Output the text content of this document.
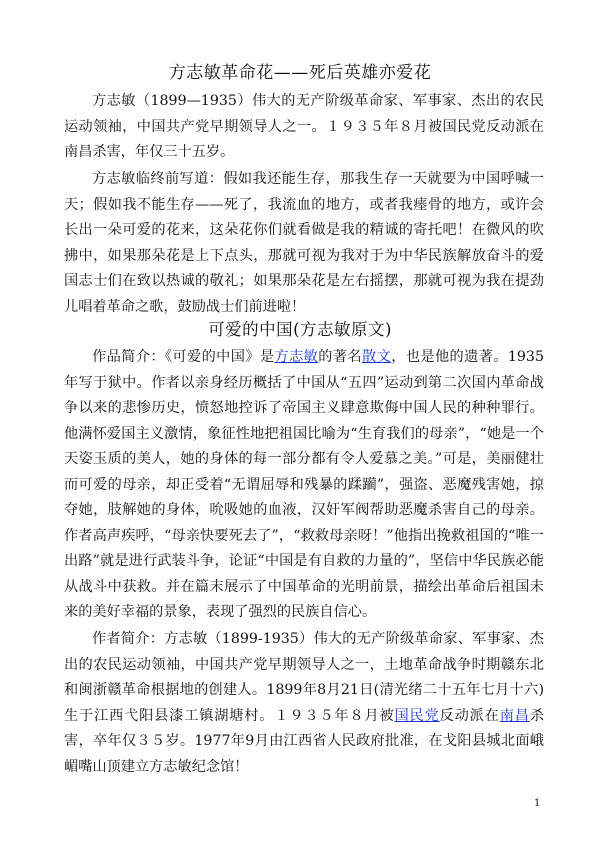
方志敏革命花——死后英雄亦爱花
方志敏（1899—1935）伟大的无产阶级革命家、军事家、杰出的农民运动领袖，中国共产党早期领导人之一。１９３５年８月被国民党反动派在南昌杀害，年仅三十五岁。
方志敏临终前写道：假如我还能生存，那我生存一天就要为中国呼喊一天；假如我不能生存——死了，我流血的地方，或者我瘗骨的地方，或许会长出一朵可爱的花来，这朵花你们就看做是我的精诚的寄托吧！在微风的吹拂中，如果那朵花是上下点头，那就可视为我对于为中华民族解放奋斗的爱国志士们在致以热诚的敬礼；如果那朵花是左右摇摆，那就可视为我在提劲儿唱着革命之歌，鼓励战士们前进啦！
可爱的中国(方志敏原文)
作品简介：《可爱的中国》是方志敏的著名散文，也是他的遗著。1935年写于狱中。作者以亲身经历概括了中国从“五四”运动到第二次国内革命战争以来的悲惨历史，愤怒地控诉了帝国主义肆意欺侮中国人民的种种罪行。他满怀爱国主义激情，象征性地把祖国比喻为“生育我们的母亲”，“她是一个天姿玉质的美人，她的身体的每一部分都有令人爱慕之美。”可是，美丽健壮而可爱的母亲，却正受着“无谓屈辱和残暴的蹂躏”，强盗、恶魔残害她，掠夺她，肢解她的身体，吮吸她的血液，汉奸军阀帮助恶魔杀害自己的母亲。作者高声疾呼，“母亲快要死去了”，“救救母亲呀！”他指出挽救祖国的“唯一出路”就是进行武装斗争，论证“中国是有自救的力量的”，坚信中华民族必能从战斗中获救。并在篇末展示了中国革命的光明前景，描绘出革命后祖国未来的美好幸福的景象，表现了强烈的民族自信心。
作者简介：方志敏（1899-1935）伟大的无产阶级革命家、军事家、杰出的农民运动领袖，中国共产党早期领导人之一，土地革命战争时期赣东北和闽浙赣革命根据地的创建人。1899年8月21日(清光绪二十五年七月十六)生于江西弋阳县漆工镇湖塘村。１９３５年８月被国民党反动派在南昌杀害，卒年仅３５岁。1977年9月由江西省人民政府批准，在戈阳县城北面峨嵋嘴山顶建立方志敏纪念馆！
1
